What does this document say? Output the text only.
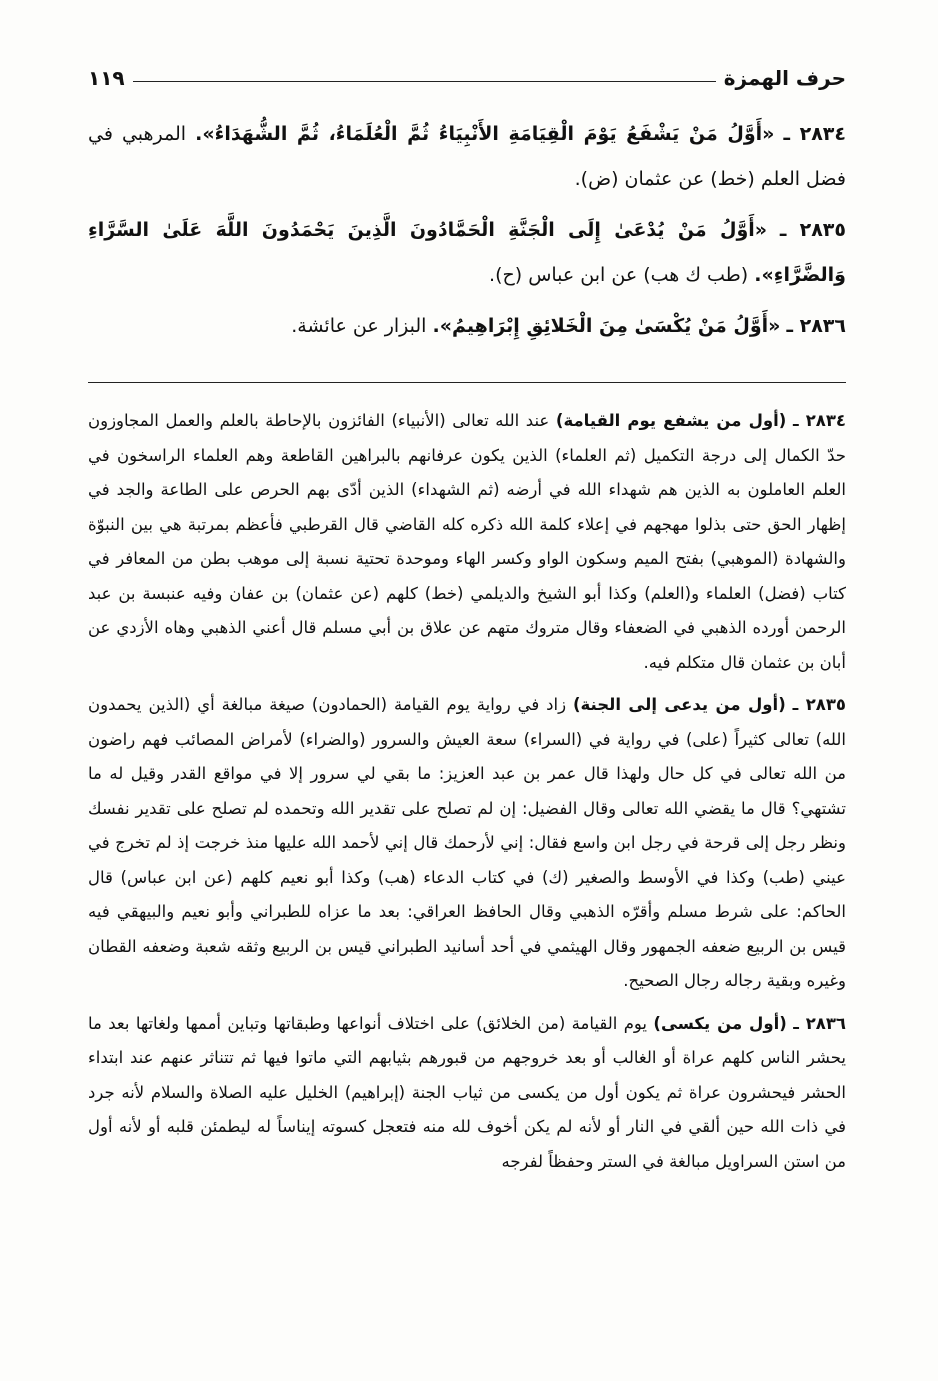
حرف الهمزة
١١٩

٢٨٣٤ ـ «أَوَّلُ مَنْ يَشْفَعُ يَوْمَ الْقِيَامَةِ الأَنْبِيَاءُ ثُمَّ الْعُلَمَاءُ، ثُمَّ الشُّهَدَاءُ». المرهبي في فضل العلم (خط) عن عثمان (ض).

٢٨٣٥ ـ «أَوَّلُ مَنْ يُدْعَىٰ إِلَى الْجَنَّةِ الْحَمَّادُونَ الَّذِينَ يَحْمَدُونَ اللَّهَ عَلَىٰ السَّرَّاءِ وَالضَّرَّاءِ». (طب ك هب) عن ابن عباس (ح).

٢٨٣٦ ـ «أَوَّلُ مَنْ يُكْسَىٰ مِنَ الْخَلائِقِ إِبْرَاهِيمُ». البزار عن عائشة.

٢٨٣٤ ـ (أول من يشفع يوم القيامة) عند الله تعالى (الأنبياء) الفائزون بالإحاطة بالعلم والعمل المجاوزون حدّ الكمال إلى درجة التكميل (ثم العلماء) الذين يكون عرفانهم بالبراهين القاطعة وهم العلماء الراسخون في العلم العاملون به الذين هم شهداء الله في أرضه (ثم الشهداء) الذين أدّى بهم الحرص على الطاعة والجد في إظهار الحق حتى بذلوا مهجهم في إعلاء كلمة الله ذكره كله القاضي قال القرطبي فأعظم بمرتبة هي بين النبوّة والشهادة (الموهبي) بفتح الميم وسكون الواو وكسر الهاء وموحدة تحتية نسبة إلى موهب بطن من المعافر في كتاب (فضل) العلماء و(العلم) وكذا أبو الشيخ والديلمي (خط) كلهم (عن عثمان) بن عفان وفيه عنبسة بن عبد الرحمن أورده الذهبي في الضعفاء وقال متروك متهم عن علاق بن أبي مسلم قال أعني الذهبي وهاه الأزدي عن أبان بن عثمان قال متكلم فيه.

٢٨٣٥ ـ (أول من يدعى إلى الجنة) زاد في رواية يوم القيامة (الحمادون) صيغة مبالغة أي (الذين يحمدون الله) تعالى كثيراً (على) في رواية في (السراء) سعة العيش والسرور (والضراء) لأمراض المصائب فهم راضون من الله تعالى في كل حال ولهذا قال عمر بن عبد العزيز: ما بقي لي سرور إلا في مواقع القدر وقيل له ما تشتهي؟ قال ما يقضي الله تعالى وقال الفضيل: إن لم تصلح على تقدير الله وتحمده لم تصلح على تقدير نفسك ونظر رجل إلى قرحة في رجل ابن واسع فقال: إني لأرحمك قال إني لأحمد الله عليها منذ خرجت إذ لم تخرج في عيني (طب) وكذا في الأوسط والصغير (ك) في كتاب الدعاء (هب) وكذا أبو نعيم كلهم (عن ابن عباس) قال الحاكم: على شرط مسلم وأقرّه الذهبي وقال الحافظ العراقي: بعد ما عزاه للطبراني وأبو نعيم والبيهقي فيه قيس بن الربيع ضعفه الجمهور وقال الهيثمي في أحد أسانيد الطبراني قيس بن الربيع وثقه شعبة وضعفه القطان وغيره وبقية رجاله رجال الصحيح.

٢٨٣٦ ـ (أول من يكسى) يوم القيامة (من الخلائق) على اختلاف أنواعها وطبقاتها وتباين أممها ولغاتها بعد ما يحشر الناس كلهم عراة أو الغالب أو بعد خروجهم من قبورهم بثيابهم التي ماتوا فيها ثم تتناثر عنهم عند ابتداء الحشر فيحشرون عراة ثم يكون أول من يكسى من ثياب الجنة (إبراهيم) الخليل عليه الصلاة والسلام لأنه جرد في ذات الله حين ألقي في النار أو لأنه لم يكن أخوف لله منه فتعجل كسوته إيناساً له ليطمئن قلبه أو لأنه أول من استن السراويل مبالغة في الستر وحفظاً لفرجه
